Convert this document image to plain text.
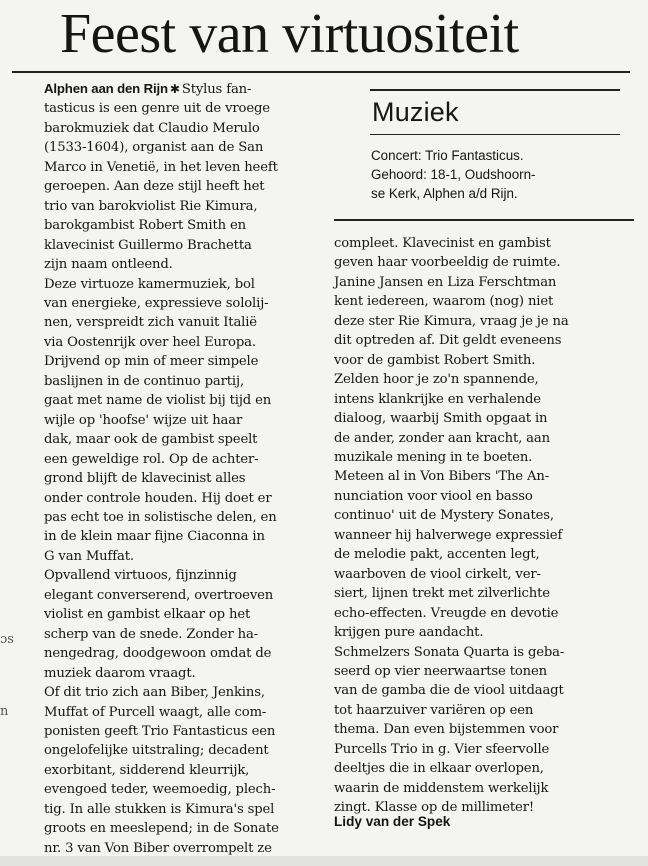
Feest van virtuositeit

Alphen aan den Rijn ✱ Stylus fan-

tasticus is een genre uit de vroege

barokmuziek dat Claudio Merulo

(1533-1604), organist aan de San

Marco in Venetië, in het leven heeft

geroepen. Aan deze stijl heeft het

trio van barokviolist Rie Kimura,

barokgambist Robert Smith en

klavecinist Guillermo Brachetta

zijn naam ontleend.

Deze virtuoze kamermuziek, bol

van energieke, expressieve sololij-

nen, verspreidt zich vanuit Italië

via Oostenrijk over heel Europa.

Drijvend op min of meer simpele

baslijnen in de continuo partij,

gaat met name de violist bij tijd en

wijle op 'hoofse' wijze uit haar

dak, maar ook de gambist speelt

een geweldige rol. Op de achter-

grond blijft de klavecinist alles

onder controle houden. Hij doet er

pas echt toe in solistische delen, en

in de klein maar fijne Ciaconna in

G van Muffat.

Opvallend virtuoos, fijnzinnig

elegant converserend, overtroeven

violist en gambist elkaar op het

scherp van de snede. Zonder ha-

nengedrag, doodgewoon omdat de

muziek daarom vraagt.

Of dit trio zich aan Biber, Jenkins,

Muffat of Purcell waagt, alle com-

ponisten geeft Trio Fantasticus een

ongelofelijke uitstraling; decadent

exorbitant, sidderend kleurrijk,

evengoed teder, weemoedig, plech-

tig. In alle stukken is Kimura's spel

groots en meeslepend; in de Sonate

nr. 3 van Von Biber overrompelt ze

Muziek
Concert: Trio Fantasticus.
Gehoord: 18-1, Oudshoorn-
se Kerk, Alphen a/d Rijn.

compleet. Klavecinist en gambist

geven haar voorbeeldig de ruimte.

Janine Jansen en Liza Ferschtman

kent iedereen, waarom (nog) niet

deze ster Rie Kimura, vraag je je na

dit optreden af. Dit geldt eveneens

voor de gambist Robert Smith.

Zelden hoor je zo'n spannende,

intens klankrijke en verhalende

dialoog, waarbij Smith opgaat in

de ander, zonder aan kracht, aan

muzikale mening in te boeten.

Meteen al in Von Bibers 'The An-

nunciation voor viool en basso

continuo' uit de Mystery Sonates,

wanneer hij halverwege expressief

de melodie pakt, accenten legt,

waarboven de viool cirkelt, ver-

siert, lijnen trekt met zilverlichte

echo-effecten. Vreugde en devotie

krijgen pure aandacht.

Schmelzers Sonata Quarta is geba-

seerd op vier neerwaartse tonen

van de gamba die de viool uitdaagt

tot haarzuiver variëren op een

thema. Dan even bijstemmen voor

Purcells Trio in g. Vier sfeervolle

deeltjes die in elkaar overlopen,

waarin de middenstem werkelijk

zingt. Klasse op de millimeter!

Lidy van der Spek
ɔs
n
